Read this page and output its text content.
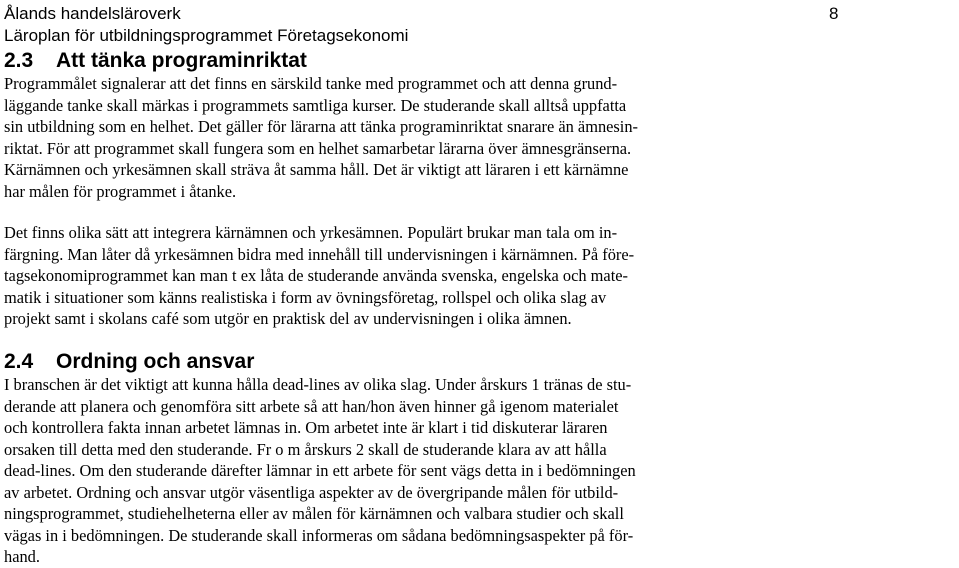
Ålands handelsläroverk
Läroplan för utbildningsprogrammet Företagsekonomi
8
2.3 Att tänka programinriktat
Programmålet signalerar att det finns en särskild tanke med programmet och att denna grund-
läggande tanke skall märkas i programmets samtliga kurser. De studerande skall alltså uppfatta
sin utbildning som en helhet. Det gäller för lärarna att tänka programinriktat snarare än ämnesin-
riktat. För att programmet skall fungera som en helhet samarbetar lärarna över ämnesgränserna.
Kärnämnen och yrkesämnen skall sträva åt samma håll. Det är viktigt att läraren i ett kärnämne
har målen för programmet i åtanke.
Det finns olika sätt att integrera kärnämnen och yrkesämnen. Populärt brukar man tala om in-
färgning. Man låter då yrkesämnen bidra med innehåll till undervisningen i kärnämnen. På före-
tagsekonomiprogrammet kan man t ex låta de studerande använda svenska, engelska och mate-
matik i situationer som känns realistiska i form av övningsföretag, rollspel och olika slag av
projekt samt i skolans café som utgör en praktisk del av undervisningen i olika ämnen.
2.4 Ordning och ansvar
I branschen är det viktigt att kunna hålla dead-lines av olika slag. Under årskurs 1 tränas de stu-
derande att planera och genomföra sitt arbete så att han/hon även hinner gå igenom materialet
och kontrollera fakta innan arbetet lämnas in. Om arbetet inte är klart i tid diskuterar läraren
orsaken till detta med den studerande. Fr o m årskurs 2 skall de studerande klara av att hålla
dead-lines. Om den studerande därefter lämnar in ett arbete för sent vägs detta in i bedömningen
av arbetet. Ordning och ansvar utgör väsentliga aspekter av de övergripande målen för utbild-
ningsprogrammet, studiehelheterna eller av målen för kärnämnen och valbara studier och skall
vägas in i bedömningen. De studerande skall informeras om sådana bedömningsaspekter på för-
hand.
